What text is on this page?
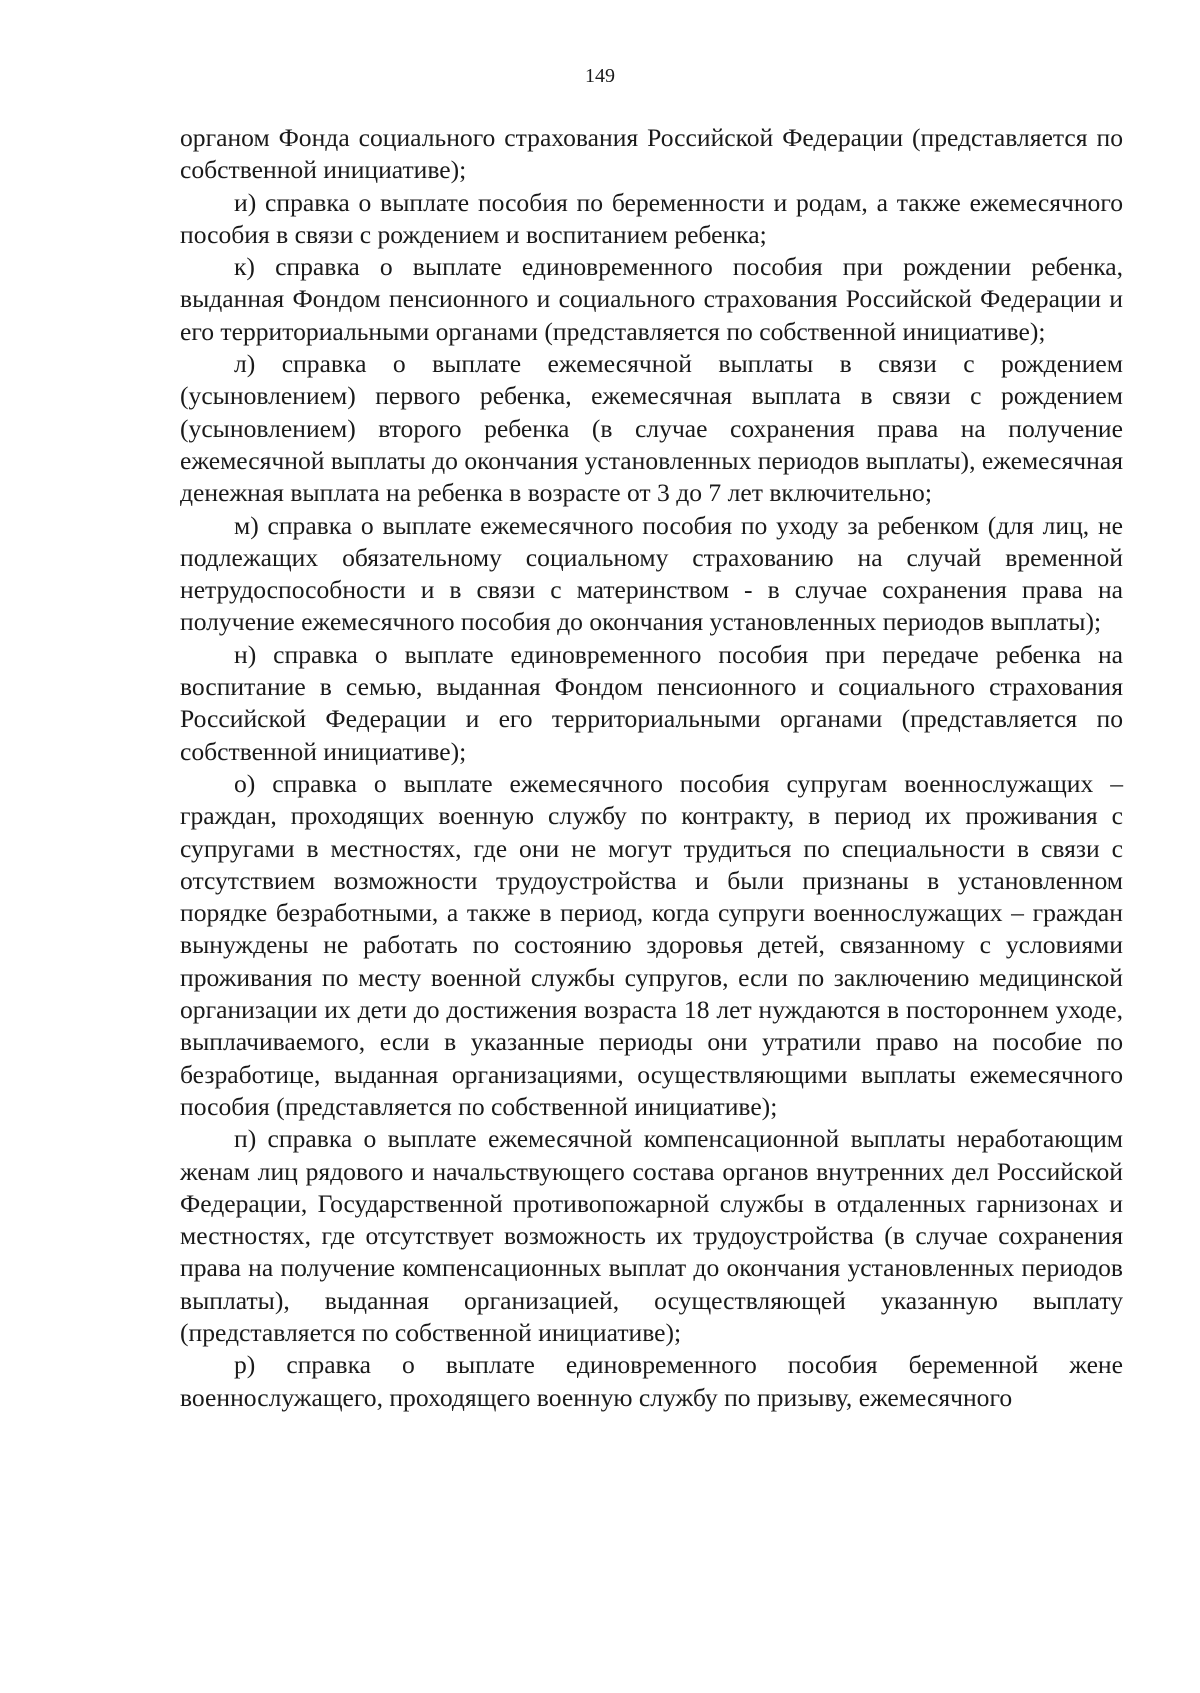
149

органом Фонда социального страхования Российской Федерации (представляется по собственной инициативе);

и) справка о выплате пособия по беременности и родам, а также ежемесячного пособия в связи с рождением и воспитанием ребенка;

к) справка о выплате единовременного пособия при рождении ребенка, выданная Фондом пенсионного и социального страхования Российской Федерации и его территориальными органами (представляется по собственной инициативе);

л) справка о выплате ежемесячной выплаты в связи с рождением (усыновлением) первого ребенка, ежемесячная выплата в связи с рождением (усыновлением) второго ребенка (в случае сохранения права на получение ежемесячной выплаты до окончания установленных периодов выплаты), ежемесячная денежная выплата на ребенка в возрасте от 3 до 7 лет включительно;

м) справка о выплате ежемесячного пособия по уходу за ребенком (для лиц, не подлежащих обязательному социальному страхованию на случай временной нетрудоспособности и в связи с материнством - в случае сохранения права на получение ежемесячного пособия до окончания установленных периодов выплаты);

н) справка о выплате единовременного пособия при передаче ребенка на воспитание в семью, выданная Фондом пенсионного и социального страхования Российской Федерации и его территориальными органами (представляется по собственной инициативе);

о) справка о выплате ежемесячного пособия супругам военнослужащих – граждан, проходящих военную службу по контракту, в период их проживания с супругами в местностях, где они не могут трудиться по специальности в связи с отсутствием возможности трудоустройства и были признаны в установленном порядке безработными, а также в период, когда супруги военнослужащих – граждан вынуждены не работать по состоянию здоровья детей, связанному с условиями проживания по месту военной службы супругов, если по заключению медицинской организации их дети до достижения возраста 18 лет нуждаются в постороннем уходе, выплачиваемого, если в указанные периоды они утратили право на пособие по безработице, выданная организациями, осуществляющими выплаты ежемесячного пособия (представляется по собственной инициативе);

п) справка о выплате ежемесячной компенсационной выплаты неработающим женам лиц рядового и начальствующего состава органов внутренних дел Российской Федерации, Государственной противопожарной службы в отдаленных гарнизонах и местностях, где отсутствует возможность их трудоустройства (в случае сохранения права на получение компенсационных выплат до окончания установленных периодов выплаты), выданная организацией, осуществляющей указанную выплату (представляется по собственной инициативе);

р) справка о выплате единовременного пособия беременной жене военнослужащего, проходящего военную службу по призыву, ежемесячного
